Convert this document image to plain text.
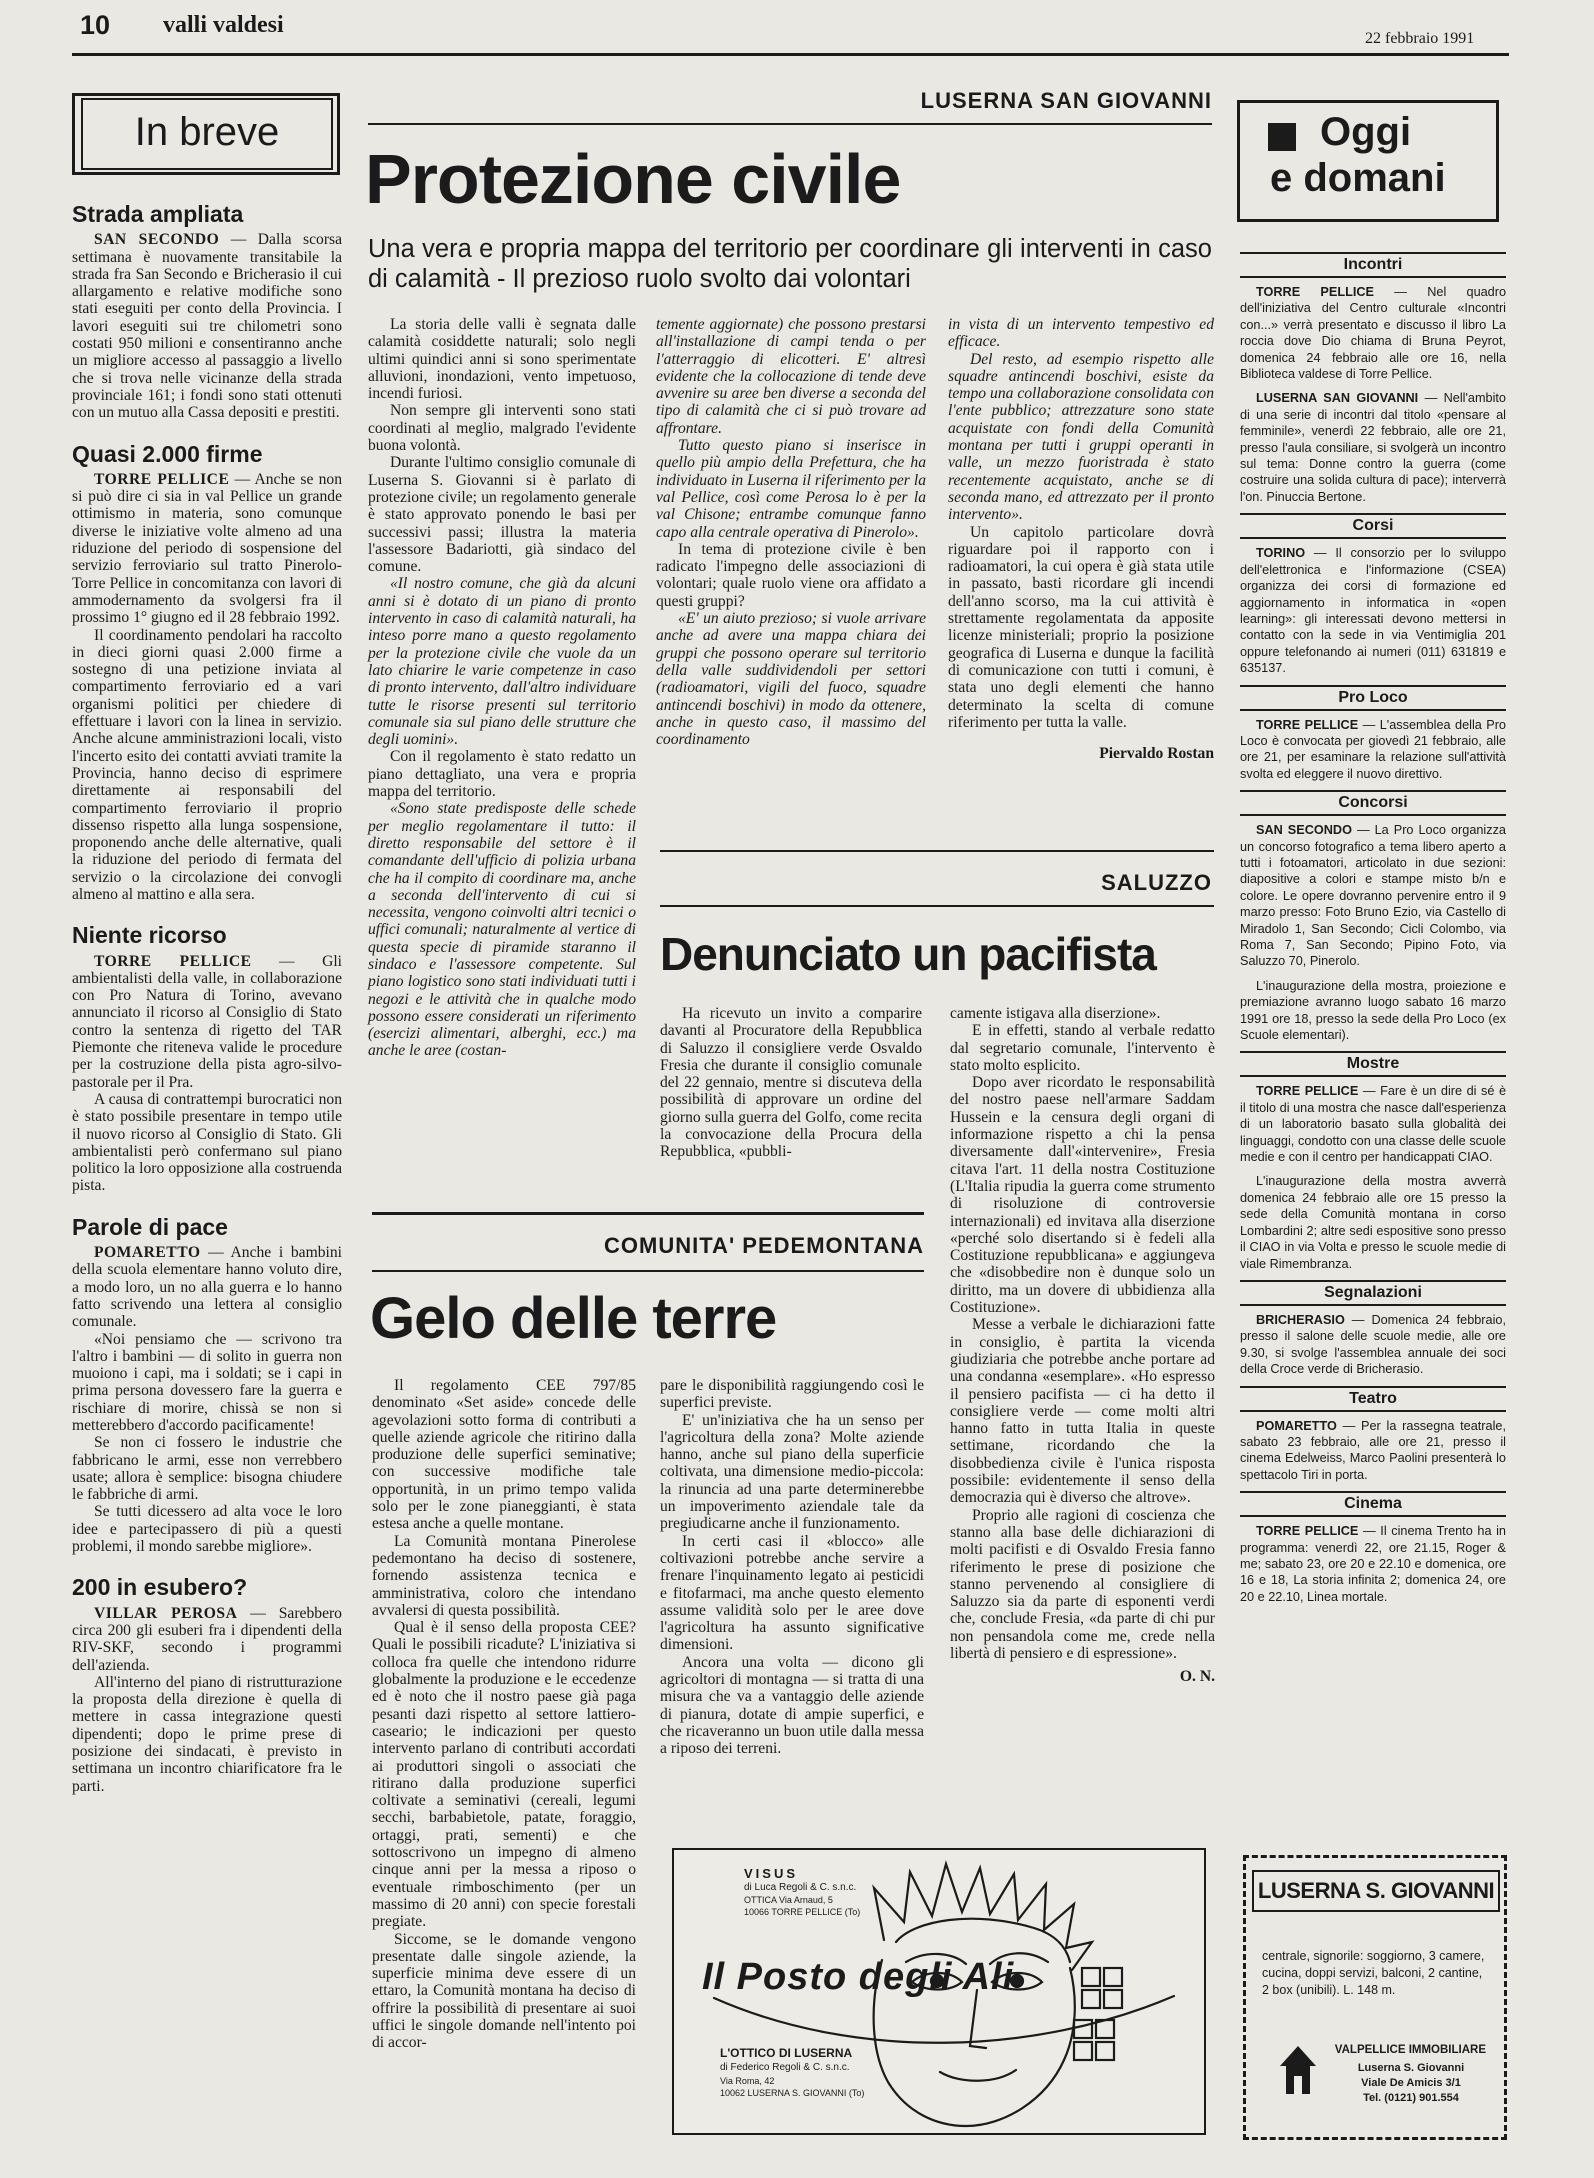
10 valli valdesi
22 febbraio 1991
In breve
Strada ampliata

SAN SECONDO — Dalla scorsa settimana è nuovamente transitabile la strada fra San Secondo e Bricherasio il cui allargamento e relative modifiche sono stati eseguiti per conto della Provincia. I lavori eseguiti sui tre chilometri sono costati 950 milioni e consentiranno anche un migliore accesso al passaggio a livello che si trova nelle vicinanze della strada provinciale 161; i fondi sono stati ottenuti con un mutuo alla Cassa depositi e prestiti.

Quasi 2.000 firme

TORRE PELLICE — Anche se non si può dire ci sia in val Pellice un grande ottimismo in materia, sono comunque diverse le iniziative volte almeno ad una riduzione del periodo di sospensione del servizio ferroviario sul tratto Pinerolo-Torre Pellice in concomitanza con lavori di ammodernamento da svolgersi fra il prossimo 1° giugno ed il 28 febbraio 1992.

Il coordinamento pendolari ha raccolto in dieci giorni quasi 2.000 firme a sostegno di una petizione inviata al compartimento ferroviario ed a vari organismi politici per chiedere di effettuare i lavori con la linea in servizio. Anche alcune amministrazioni locali, visto l'incerto esito dei contatti avviati tramite la Provincia, hanno deciso di esprimere direttamente ai responsabili del compartimento ferroviario il proprio dissenso rispetto alla lunga sospensione, proponendo anche delle alternative, quali la riduzione del periodo di fermata del servizio o la circolazione dei convogli almeno al mattino e alla sera.

Niente ricorso

TORRE PELLICE — Gli ambientalisti della valle, in collaborazione con Pro Natura di Torino, avevano annunciato il ricorso al Consiglio di Stato contro la sentenza di rigetto del TAR Piemonte che riteneva valide le procedure per la costruzione della pista agro-silvo-pastorale per il Pra.

A causa di contrattempi burocratici non è stato possibile presentare in tempo utile il nuovo ricorso al Consiglio di Stato. Gli ambientalisti però confermano sul piano politico la loro opposizione alla costruenda pista.

Parole di pace

POMARETTO — Anche i bambini della scuola elementare hanno voluto dire, a modo loro, un no alla guerra e lo hanno fatto scrivendo una lettera al consiglio comunale.

«Noi pensiamo che — scrivono tra l'altro i bambini — di solito in guerra non muoiono i capi, ma i soldati; se i capi in prima persona dovessero fare la guerra e rischiare di morire, chissà se non si metterebbero d'accordo pacificamente!

Se non ci fossero le industrie che fabbricano le armi, esse non verrebbero usate; allora è semplice: bisogna chiudere le fabbriche di armi.

Se tutti dicessero ad alta voce le loro idee e partecipassero di più a questi problemi, il mondo sarebbe migliore».

200 in esubero?

VILLAR PEROSA — Sarebbero circa 200 gli esuberi fra i dipendenti della RIV-SKF, secondo i programmi dell'azienda.

All'interno del piano di ristrutturazione la proposta della direzione è quella di mettere in cassa integrazione questi dipendenti; dopo le prime prese di posizione dei sindacati, è previsto in settimana un incontro chiarificatore fra le parti.

LUSERNA SAN GIOVANNI
Protezione civile
Una vera e propria mappa del territorio per coordinare gli interventi in caso di calamità - Il prezioso ruolo svolto dai volontari

La storia delle valli è segnata dalle calamità cosiddette naturali; solo negli ultimi quindici anni si sono sperimentate alluvioni, inondazioni, vento impetuoso, incendi furiosi.

Non sempre gli interventi sono stati coordinati al meglio, malgrado l'evidente buona volontà.

Durante l'ultimo consiglio comunale di Luserna S. Giovanni si è parlato di protezione civile; un regolamento generale è stato approvato ponendo le basi per successivi passi; illustra la materia l'assessore Badariotti, già sindaco del comune.

«Il nostro comune, che già da alcuni anni si è dotato di un piano di pronto intervento in caso di calamità naturali, ha inteso porre mano a questo regolamento per la protezione civile che vuole da un lato chiarire le varie competenze in caso di pronto intervento, dall'altro individuare tutte le risorse presenti sul territorio comunale sia sul piano delle strutture che degli uomini».

Con il regolamento è stato redatto un piano dettagliato, una vera e propria mappa del territorio.

«Sono state predisposte delle schede per meglio regolamentare il tutto: il diretto responsabile del settore è il comandante dell'ufficio di polizia urbana che ha il compito di coordinare ma, anche a seconda dell'intervento di cui si necessita, vengono coinvolti altri tecnici o uffici comunali; naturalmente al vertice di questa specie di piramide staranno il sindaco e l'assessore competente. Sul piano logistico sono stati individuati tutti i negozi e le attività che in qualche modo possono essere considerati un riferimento (esercizi alimentari, alberghi, ecc.) ma anche le aree (costan-

temente aggiornate) che possono prestarsi all'installazione di campi tenda o per l'atterraggio di elicotteri. E' altresì evidente che la collocazione di tende deve avvenire su aree ben diverse a seconda del tipo di calamità che ci si può trovare ad affrontare.

Tutto questo piano si inserisce in quello più ampio della Prefettura, che ha individuato in Luserna il riferimento per la val Pellice, così come Perosa lo è per la val Chisone; entrambe comunque fanno capo alla centrale operativa di Pinerolo».

In tema di protezione civile è ben radicato l'impegno delle associazioni di volontari; quale ruolo viene ora affidato a questi gruppi?

«E' un aiuto prezioso; si vuole arrivare anche ad avere una mappa chiara dei gruppi che possono operare sul territorio della valle suddividendoli per settori (radioamatori, vigili del fuoco, squadre antincendi boschivi) in modo da ottenere, anche in questo caso, il massimo del coordinamento

in vista di un intervento tempestivo ed efficace.

Del resto, ad esempio rispetto alle squadre antincendi boschivi, esiste da tempo una collaborazione consolidata con l'ente pubblico; attrezzature sono state acquistate con fondi della Comunità montana per tutti i gruppi operanti in valle, un mezzo fuoristrada è stato recentemente acquistato, anche se di seconda mano, ed attrezzato per il pronto intervento».

Un capitolo particolare dovrà riguardare poi il rapporto con i radioamatori, la cui opera è già stata utile in passato, basti ricordare gli incendi dell'anno scorso, ma la cui attività è strettamente regolamentata da apposite licenze ministeriali; proprio la posizione geografica di Luserna e dunque la facilità di comunicazione con tutti i comuni, è stata uno degli elementi che hanno determinato la scelta di comune riferimento per tutta la valle.

Piervaldo Rostan
SALUZZO
Denunciato un pacifista

Ha ricevuto un invito a comparire davanti al Procuratore della Repubblica di Saluzzo il consigliere verde Osvaldo Fresia che durante il consiglio comunale del 22 gennaio, mentre si discuteva della possibilità di approvare un ordine del giorno sulla guerra del Golfo, come recita la convocazione della Procura della Repubblica, «pubbli-

camente istigava alla diserzione».

E in effetti, stando al verbale redatto dal segretario comunale, l'intervento è stato molto esplicito.

Dopo aver ricordato le responsabilità del nostro paese nell'armare Saddam Hussein e la censura degli organi di informazione rispetto a chi la pensa diversamente dall'«intervenire», Fresia citava l'art. 11 della nostra Costituzione (L'Italia ripudia la guerra come strumento di risoluzione di controversie internazionali) ed invitava alla diserzione «perché solo disertando si è fedeli alla Costituzione repubblicana» e aggiungeva che «disobbedire non è dunque solo un diritto, ma un dovere di ubbidienza alla Costituzione».

Messe a verbale le dichiarazioni fatte in consiglio, è partita la vicenda giudiziaria che potrebbe anche portare ad una condanna «esemplare». «Ho espresso il pensiero pacifista — ci ha detto il consigliere verde — come molti altri hanno fatto in tutta Italia in queste settimane, ricordando che la disobbedienza civile è l'unica risposta possibile: evidentemente il senso della democrazia qui è diverso che altrove».

Proprio alle ragioni di coscienza che stanno alla base delle dichiarazioni di molti pacifisti e di Osvaldo Fresia fanno riferimento le prese di posizione che stanno pervenendo al consigliere di Saluzzo sia da parte di esponenti verdi che, conclude Fresia, «da parte di chi pur non pensandola come me, crede nella libertà di pensiero e di espressione».

O. N.
COMUNITA' PEDEMONTANA
Gelo delle terre

Il regolamento CEE 797/85 denominato «Set aside» concede delle agevolazioni sotto forma di contributi a quelle aziende agricole che ritirino dalla produzione delle superfici seminative; con successive modifiche tale opportunità, in un primo tempo valida solo per le zone pianeggianti, è stata estesa anche a quelle montane.

La Comunità montana Pinerolese pedemontano ha deciso di sostenere, fornendo assistenza tecnica e amministrativa, coloro che intendano avvalersi di questa possibilità.

Qual è il senso della proposta CEE? Quali le possibili ricadute? L'iniziativa si colloca fra quelle che intendono ridurre globalmente la produzione e le eccedenze ed è noto che il nostro paese già paga pesanti dazi rispetto al settore lattiero-caseario; le indicazioni per questo intervento parlano di contributi accordati ai produttori singoli o associati che ritirano dalla produzione superfici coltivate a seminativi (cereali, legumi secchi, barbabietole, patate, foraggio, ortaggi, prati, sementi) e che sottoscrivono un impegno di almeno cinque anni per la messa a riposo o eventuale rimboschimento (per un massimo di 20 anni) con specie forestali pregiate.

Siccome, se le domande vengono presentate dalle singole aziende, la superficie minima deve essere di un ettaro, la Comunità montana ha deciso di offrire la possibilità di presentare ai suoi uffici le singole domande nell'intento poi di accor-

pare le disponibilità raggiungendo così le superfici previste.

E' un'iniziativa che ha un senso per l'agricoltura della zona? Molte aziende hanno, anche sul piano della superficie coltivata, una dimensione medio-piccola: la rinuncia ad una parte determinerebbe un impoverimento aziendale tale da pregiudicarne anche il funzionamento.

In certi casi il «blocco» alle coltivazioni potrebbe anche servire a frenare l'inquinamento legato ai pesticidi e fitofarmaci, ma anche questo elemento assume validità solo per le aree dove l'agricoltura ha assunto significative dimensioni.

Ancora una volta — dicono gli agricoltori di montagna — si tratta di una misura che va a vantaggio delle aziende di pianura, dotate di ampie superfici, e che ricaveranno un buon utile dalla messa a riposo dei terreni.

Oggi
e domani
Incontri

TORRE PELLICE — Nel quadro dell'iniziativa del Centro culturale «Incontri con...» verrà presentato e discusso il libro La roccia dove Dio chiama di Bruna Peyrot, domenica 24 febbraio alle ore 16, nella Biblioteca valdese di Torre Pellice.

LUSERNA SAN GIOVANNI — Nell'ambito di una serie di incontri dal titolo «pensare al femminile», venerdì 22 febbraio, alle ore 21, presso l'aula consiliare, si svolgerà un incontro sul tema: Donne contro la guerra (come costruire una solida cultura di pace); interverrà l'on. Pinuccia Bertone.

Corsi

TORINO — Il consorzio per lo sviluppo dell'elettronica e l'informazione (CSEA) organizza dei corsi di formazione ed aggiornamento in informatica in «open learning»: gli interessati devono mettersi in contatto con la sede in via Ventimiglia 201 oppure telefonando ai numeri (011) 631819 e 635137.

Pro Loco

TORRE PELLICE — L'assemblea della Pro Loco è convocata per giovedì 21 febbraio, alle ore 21, per esaminare la relazione sull'attività svolta ed eleggere il nuovo direttivo.

Concorsi

SAN SECONDO — La Pro Loco organizza un concorso fotografico a tema libero aperto a tutti i fotoamatori, articolato in due sezioni: diapositive a colori e stampe misto b/n e colore. Le opere dovranno pervenire entro il 9 marzo presso: Foto Bruno Ezio, via Castello di Miradolo 1, San Secondo; Cicli Colombo, via Roma 7, San Secondo; Pipino Foto, via Saluzzo 70, Pinerolo.

L'inaugurazione della mostra, proiezione e premiazione avranno luogo sabato 16 marzo 1991 ore 18, presso la sede della Pro Loco (ex Scuole elementari).

Mostre

TORRE PELLICE — Fare è un dire di sé è il titolo di una mostra che nasce dall'esperienza di un laboratorio basato sulla globalità dei linguaggi, condotto con una classe delle scuole medie e con il centro per handicappati CIAO.

L'inaugurazione della mostra avverrà domenica 24 febbraio alle ore 15 presso la sede della Comunità montana in corso Lombardini 2; altre sedi espositive sono presso il CIAO in via Volta e presso le scuole medie di viale Rimembranza.

Segnalazioni

BRICHERASIO — Domenica 24 febbraio, presso il salone delle scuole medie, alle ore 9.30, si svolge l'assemblea annuale dei soci della Croce verde di Bricherasio.

Teatro

POMARETTO — Per la rassegna teatrale, sabato 23 febbraio, alle ore 21, presso il cinema Edelweiss, Marco Paolini presenterà lo spettacolo Tiri in porta.

Cinema

TORRE PELLICE — Il cinema Trento ha in programma: venerdì 22, ore 21.15, Roger & me; sabato 23, ore 20 e 22.10 e domenica, ore 16 e 18, La storia infinita 2; domenica 24, ore 20 e 22.10, Linea mortale.

VISUS
di Luca Regoli & C. s.n.c.
OTTICA Via Arnaud, 5
10066 TORRE PELLICE (To)
Il Posto degli Ali
L'OTTICO DI LUSERNA
di Federico Regoli & C. s.n.c.
Via Roma, 42
10062 LUSERNA S. GIOVANNI (To)
LUSERNA S. GIOVANNI
centrale, signorile: soggiorno, 3 camere, cucina, doppi servizi, balconi, 2 cantine, 2 box (unibili). L. 148 m.
VALPELLICE IMMOBILIARE
Luserna S. Giovanni
Viale De Amicis 3/1
Tel. (0121) 901.554
